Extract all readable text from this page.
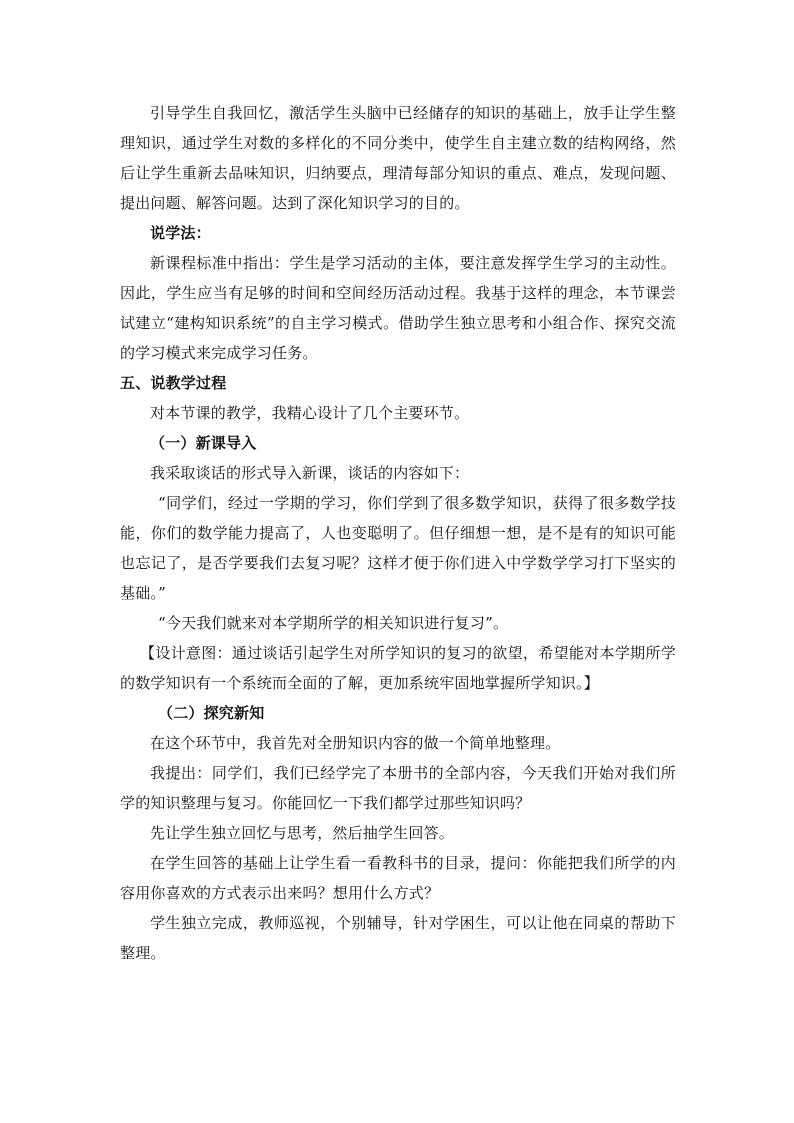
引导学生自我回忆，激活学生头脑中已经储存的知识的基础上，放手让学生整理知识，通过学生对数的多样化的不同分类中，使学生自主建立数的结构网络，然后让学生重新去品味知识，归纳要点，理清每部分知识的重点、难点，发现问题、提出问题、解答问题。达到了深化知识学习的目的。

说学法：

新课程标准中指出：学生是学习活动的主体，要注意发挥学生学习的主动性。因此，学生应当有足够的时间和空间经历活动过程。我基于这样的理念，本节课尝试建立“建构知识系统”的自主学习模式。借助学生独立思考和小组合作、探究交流的学习模式来完成学习任务。

五、说教学过程

对本节课的教学，我精心设计了几个主要环节。

（一）新课导入

我采取谈话的形式导入新课，谈话的内容如下：

“同学们，经过一学期的学习，你们学到了很多数学知识，获得了很多数学技能，你们的数学能力提高了，人也变聪明了。但仔细想一想，是不是有的知识可能也忘记了，是否学要我们去复习呢？这样才便于你们进入中学数学学习打下坚实的基础。”

“今天我们就来对本学期所学的相关知识进行复习”。

【设计意图：通过谈话引起学生对所学知识的复习的欲望，希望能对本学期所学的数学知识有一个系统而全面的了解，更加系统牢固地掌握所学知识。】

（二）探究新知

在这个环节中，我首先对全册知识内容的做一个简单地整理。

我提出：同学们，我们已经学完了本册书的全部内容，今天我们开始对我们所学的知识整理与复习。你能回忆一下我们都学过那些知识吗？

先让学生独立回忆与思考，然后抽学生回答。

在学生回答的基础上让学生看一看教科书的目录，提问：你能把我们所学的内容用你喜欢的方式表示出来吗？想用什么方式？

学生独立完成，教师巡视，个别辅导，针对学困生，可以让他在同桌的帮助下整理。
